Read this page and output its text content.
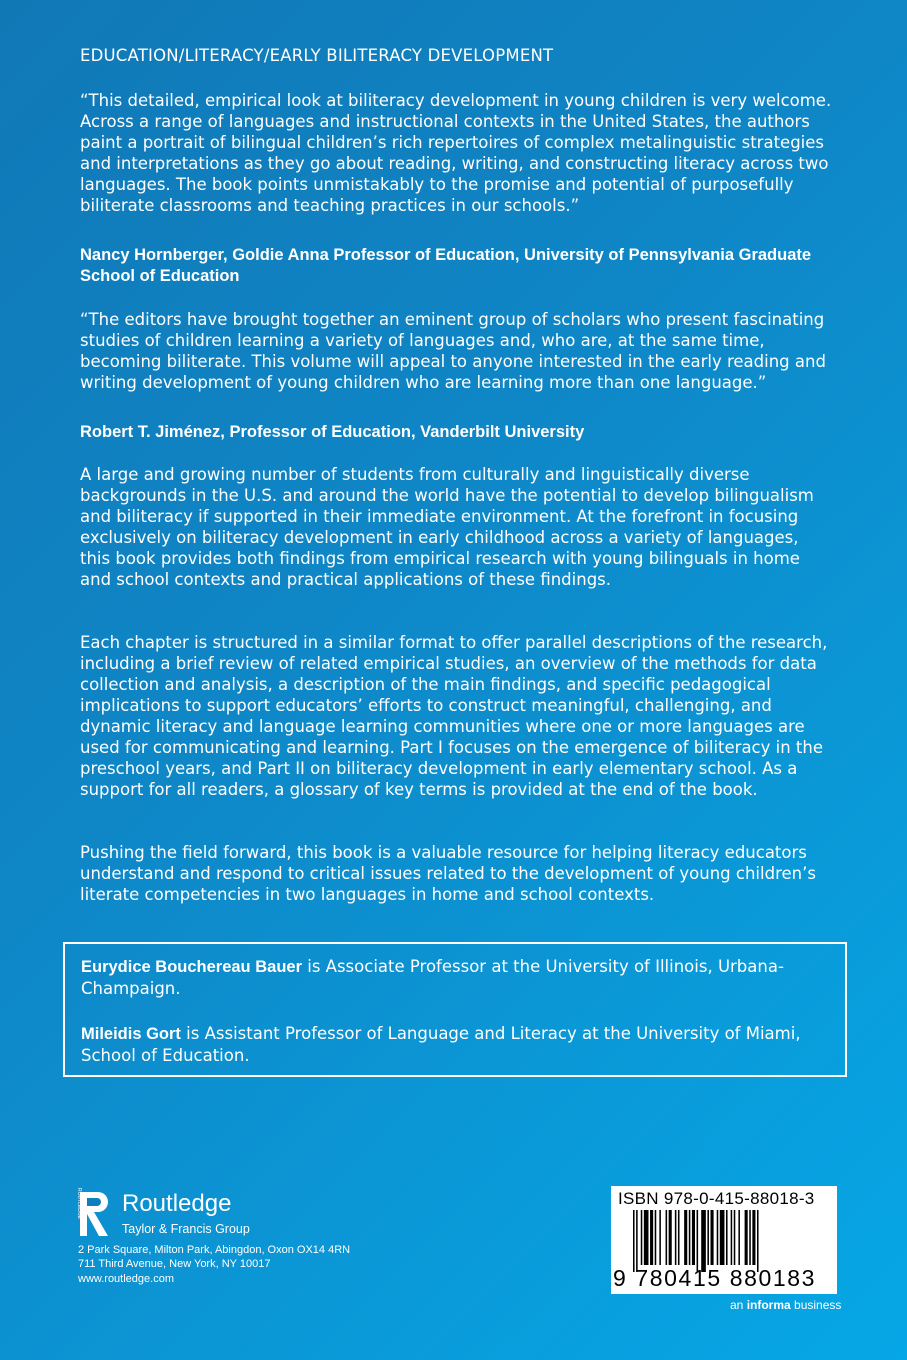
EDUCATION/LITERACY/EARLY BILITERACY DEVELOPMENT

“This detailed, empirical look at biliteracy development in young children is very welcome. Across a range of languages and instructional contexts in the United States, the authors paint a portrait of bilingual children’s rich repertoires of complex metalinguistic strategies and interpretations as they go about reading, writing, and constructing literacy across two languages. The book points unmistakably to the promise and potential of purposefully biliterate classrooms and teaching practices in our schools.”

Nancy Hornberger, Goldie Anna Professor of Education, University of Pennsylvania Graduate School of Education

“The editors have brought together an eminent group of scholars who present fascinating studies of children learning a variety of languages and, who are, at the same time, becoming biliterate. This volume will appeal to anyone interested in the early reading and writing development of young children who are learning more than one language.”

Robert T. Jiménez, Professor of Education, Vanderbilt University

A large and growing number of students from culturally and linguistically diverse backgrounds in the U.S. and around the world have the potential to develop bilingualism and biliteracy if supported in their immediate environment. At the forefront in focusing exclusively on biliteracy development in early childhood across a variety of languages, this book provides both findings from empirical research with young bilinguals in home and school contexts and practical applications of these findings.

Each chapter is structured in a similar format to offer parallel descriptions of the research, including a brief review of related empirical studies, an overview of the methods for data collection and analysis, a description of the main findings, and specific pedagogical implications to support educators’ efforts to construct meaningful, challenging, and dynamic literacy and language learning communities where one or more languages are used for communicating and learning. Part I focuses on the emergence of biliteracy in the preschool years, and Part II on biliteracy development in early elementary school. As a support for all readers, a glossary of key terms is provided at the end of the book.

Pushing the field forward, this book is a valuable resource for helping literacy educators understand and respond to critical issues related to the development of young children’s literate competencies in two languages in home and school contexts.

Eurydice Bouchereau Bauer is Associate Professor at the University of Illinois, Urbana-Champaign.
Mileidis Gort is Assistant Professor of Language and Literacy at the University of Miami, School of Education.
ROUTLEDGE Routledge
Taylor & Francis Group
2 Park Square, Milton Park, Abingdon, Oxon OX14 4RN
711 Third Avenue, New York, NY 10017
www.routledge.com
ISBN 978-0-415-88018-3
9 780415 880183
an informa business
